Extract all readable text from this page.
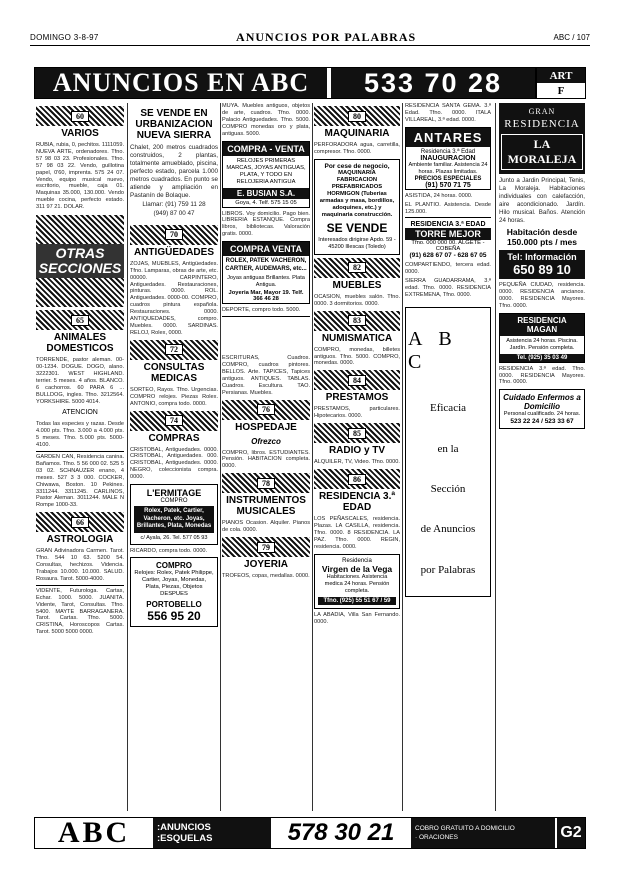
DOMINGO 3-8-97	ANUNCIOS POR PALABRAS	ABC / 107
ANUNCIOS EN ABC	533 70 28	ART
F
60
VARIOS
RUBIA, rubia, 0, pechitos. 1111059. NUEVA ARTE, ordenadores. Tfno. 57 98 03 23. Profesionales. Tfno. 57 98 03 22. Vendo, guillotina papel, 0'60, imprenta. 575 24 07. Vendo, equipo musical nuevo, escritorio, mueble, caja 01. Maquinas 35.000, 130.000. Vendo mueble cocina, perfecto estado. 311 97 21. DOLAR.
OTRAS SECCIONES
65
ANIMALES DOMESTICOS
TORRENDE, pastor aleman. 00-00-1234. DOGUE. DOGO, alano. 3222301. WEST HIGHLAND. terrier. 5 meses. 4 años. BLANCO. 6 cachorros. 60 PARA 6 ... BULLDOG, ingles. Tfno. 3212564. YORKSHIRE. 5000 4014.
ATENCION
Todas las especies y razas. Desde 4.000 pts. Tfno. 3.000 a 4.000 pts. 5 meses. Tfno. 5.000 pts. 5000-4100.
GARDEN CAN, Residencia canina. Bañamos. Tfno. 5 56 000 02. 525 5 03 02. SCHNAUZER enano, 4 meses. 527 3 3 000. COCKER, Chiwawa, Boston. 10 Pekines. 3311244. 3311245. CARLINOS, Pastor Aleman. 3011244. MALE N Rompe 1000-33.
66
ASTROLOGIA
GRAN Adivinadora Carmen. Tarot. Tfno. 544 10 63. 5200 54. Consultas, hechizos. Videncia. Trabajos 10.000. 10.000. SALUD. Rosaura. Tarot. 5000-4000.
VIDENTE, Futurologa. Cartas, Echar. 1000. 5000. JUANITA. Vidente, Tarot, Consultas. Tfno. 5400. MAYTE BARRAGANERA. Tarot. Cartas. Tfno. 5000. CRISTINA, Horoscopos Cartas. Tarot. 5000 5000 0000.
SE VENDE EN URBANIZACION NUEVA SIERRA
Chalet, 200 metros cuadrados construidos, 2 plantas, totalmente amueblado, piscina, perfecto estado, parcela 1.000 metros cuadrados. En punto se atiende y ampliación en Pastanín de Bolaque.
Llamar: (91) 759 11 28
(949) 87 00 47
70
ANTIGÜEDADES
ZOJAS, MUEBLES, Antigüedades. Tfno. Lamparas, obras de arte, etc. 00000. CARPINTERO, Antiguedades. Restauraciones, pinturas. 0000. ROL. Antiguedades. 0000-00. COMPRO, cuadros pintura española. Restauraciones. 0000. ANTIQUEDADES, compro. Muebles. 0000. SARDINAS. RELOJ, Rolex, 0000.
72
CONSULTAS MEDICAS
SORTEO, Rayos. Tfno. Urgencias. COMPRO relojes. Piezas Rolex. ANTONIO, compra todo. 0000.
74
COMPRAS
CRISTOBAL, Antiguedades. 0000. CRISTOBAL, Antiguedades. 000. CRISTOBAL, Antiguedades. 0000. NEGRO, coleccionista compra. 0000.
L'ERMITAGE
COMPRO
Rolex, Patek, Cartier, Vacheron, etc. Joyas, Brillantes, Plata, Monedas
c/ Ayala, 26. Tel. 577 05 93
RICARDO, compra todo. 0000.
COMPRO
Relojes: Rolex, Patek Philippe, Cartier, Joyas, Monedas, Plata, Piezas, Objetos DESPUES
PORTOBELLO
556 95 20
MUYA. Muebles antiguos, objetos de arte, cuadros. Tfno. 0000. Palacio Antiguedades. Tfno. 5000. COMPRO monedas oro y plata, antiguas. 5000.
COMPRA - VENTA
RELOJES PRIMERAS MARCAS, JOYAS ANTIGUAS, PLATA, Y TODO EN RELOJERIA ANTIGUA
E. BUSIAN S.A.
Goya, 4. Telf. 575 15 05
LIBROS. Voy domicilio. Pago bien. LIBRERIA ESTANQUE. Compra libros, bibliotecas. Valoración gratis. 0000.
COMPRA VENTA
ROLEX, PATEK VACHERON, CARTIER, AUDEMARS, etc...
Joyas antiguas Brillantes. Plata Antigua.
Joyeria Mar, Mayor 19. Telf. 366 46 28
DEPORTE, compro todo. 5000.
ESCRITURAS, Cuadros. COMPRO, cuadros pintores. BELLOS. Arte. TAPICES, Tapices antiguos. ANTIQUES. TABLAS. Cuadros. Escultura. TAO. Persianas. Muebles.
76
HOSPEDAJE
Ofrezco
COMPRO, libros. ESTUDIANTES. Pensión. HABITACION completa. 0000.
78
INSTRUMENTOS MUSICALES
PIANOS Ocasion. Alquiler. Pianos de cola. 0000.
79
JOYERIA
TROFEOS, copas, medallas. 0000.
80
MAQUINARIA
PERFORADORA agua, carretilla, compresor. Tfno. 0000.
Por cese de negocio,
MAQUINARIA FABRICACION PREFABRICADOS HORMIGON (Tuberias armadas y masa, bordillos, adoquines, etc.) y maquinaria construcción.
SE VENDE
Interesados dirigirse Apdo. 59 - 45200 Illescas (Toledo)
82
MUEBLES
OCASION, muebles salón. Tfno. 0000. 3 dormitorios. 0000.
83
NUMISMATICA
COMPRO, monedas, billetes antiguos. Tfno. 5000. COMPRO, monedas. 0000.
84
PRESTAMOS
PRESTAMOS, particulares. Hipotecarios. 0000.
85
RADIO y TV
ALQUILER, TV, Video. Tfno. 0000.
86
RESIDENCIA 3.ª EDAD
LOS PEÑASCALES, residencia. Plazas. LA CASILLA, residencia. Tfno. 0000. 8 RESIDENCIA. LA PAZ. Tfno. 0000. REGIN, residencia. 0000.
Residencia
Virgen de la Vega
Habitaciones. Asistencia medica 24 horas. Pensión completa.
Tfno. (925) 55 51 67 / 59
LA ABADIA, Villa San Fernando. 0000.
RESIDENCIA SANTA GEMA. 3.ª Edad. Tfno. 0000. ITALA VILLAREAL, 3.ª edad. 0000.
ANTARES
Residencia 3.ª Edad
INAUGURACION
Ambiente familiar. Asistencia 24 horas. Plazas limitadas.
PRECIOS ESPECIALES
(91) 570 71 75
ASISTIDA, 24 horas. 0000.
EL PLANTIO. Asistencia. Desde 125.000.
RESIDENCIA 3.ª EDAD
TORRE MEJOR
Tfno. 000 000 00. ALGETE - COBEÑA
(91) 628 67 07 - 628 67 05
COMPARTIENDO, tercera edad. 0000.
SIERRA GUADARRAMA, 3.ª edad. Tfno. 0000. RESIDENCIA EXTREMENA, Tfno. 0000.
A B C
Eficacia
en la
Sección
de Anuncios
por Palabras
GRAN
RESIDENCIA
LA MORALEJA
Junto a Jardin Principal, Tenis, La Moraleja. Habitaciones individuales con calefacción, aire acondicionado. Jardín. Hilo musical. Baños. Atención 24 horas.
Habitación desde 150.000 pts / mes
Tel: Información
650 89 10
PEQUEÑA CIUDAD, residencia. 0000. RESIDENCIA ancianos. 0000. RESIDENCIA Mayores. Tfno. 0000.
RESIDENCIA MAGAN
Asistencia 24 horas. Piscina. Jardín. Pensión completa.
Tel. (925) 35 03 49
RESIDENCIA 3.ª edad. Tfno. 0000. RESIDENCIA Mayores. Tfno. 0000.
Cuidado Enfermos a Domicilio
Personal cualificado. 24 horas.
523 22 24 / 523 33 67
ABC	:ANUNCIOS
:ESQUELAS	578 30 21	COBRO GRATUITO A DOMICILIO
· ORACIONES	G2
